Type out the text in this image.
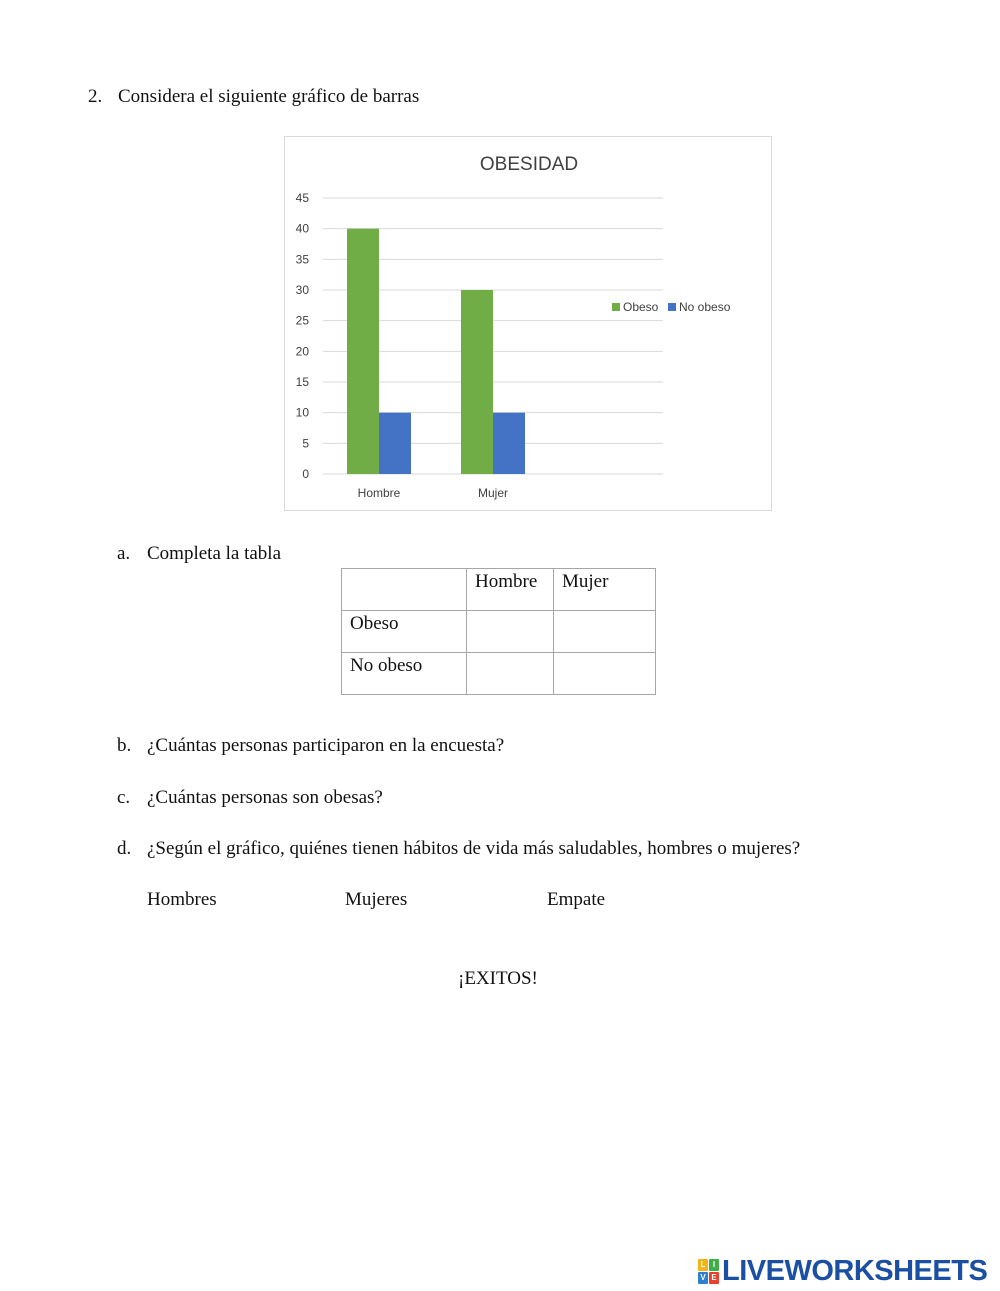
2. Considera el siguiente gráfico de barras
OBESIDAD
0
5
10
15
20
25
30
35
40
45
Hombre	Mujer
Obeso No obeso
a. Completa la tabla

	Hombre	Mujer

Obeso		

No obeso		

b. ¿Cuántas personas participaron en la encuesta?
c. ¿Cuántas personas son obesas?
d. ¿Según el gráfico, quiénes tienen hábitos de vida más saludables, hombres o mujeres?
Hombres	Mujeres	Empate
¡EXITOS!
L I
V E LIVEWORKSHEETS
